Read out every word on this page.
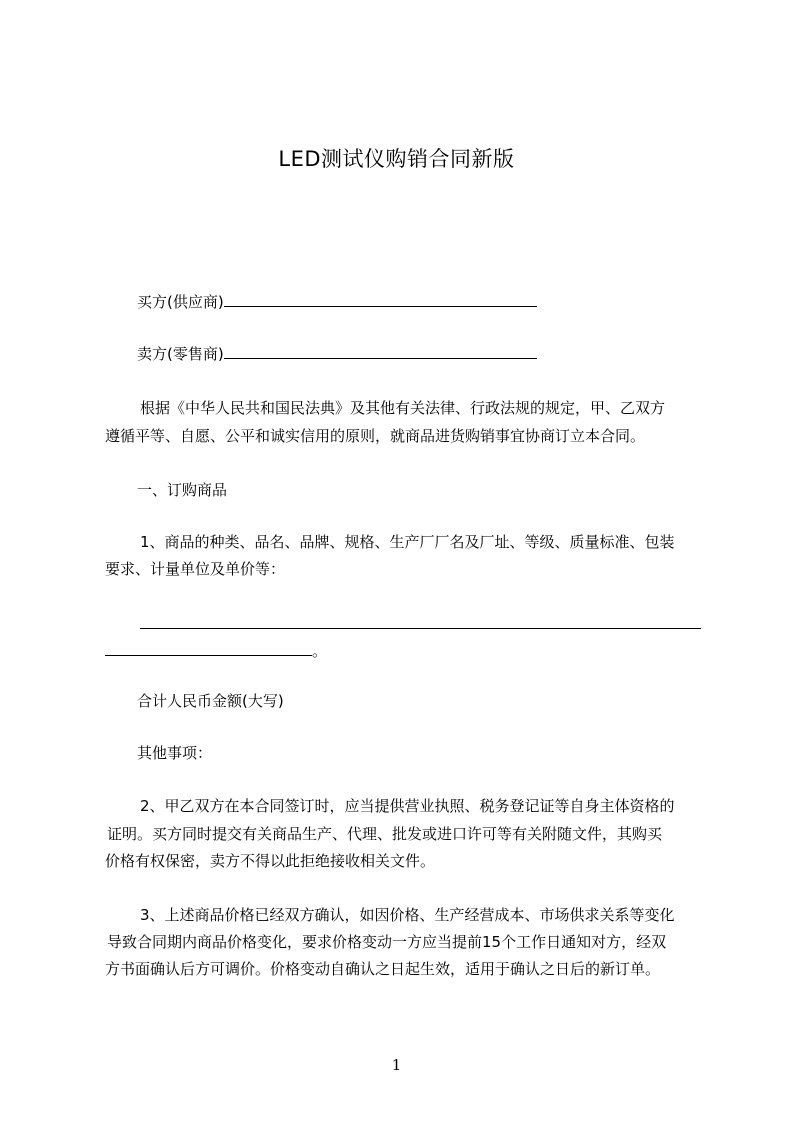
LED测试仪购销合同新版
买方(供应商)
卖方(零售商)
根据《中华人民共和国民法典》及其他有关法律、行政法规的规定，甲、乙双方
遵循平等、自愿、公平和诚实信用的原则，就商品进货购销事宜协商订立本合同。
一、订购商品
1、商品的种类、品名、品牌、规格、生产厂厂名及厂址、等级、质量标准、包装
要求、计量单位及单价等：
。
合计人民币金额(大写)
其他事项：
2、甲乙双方在本合同签订时，应当提供营业执照、税务登记证等自身主体资格的
证明。买方同时提交有关商品生产、代理、批发或进口许可等有关附随文件，其购买
价格有权保密，卖方不得以此拒绝接收相关文件。
3、上述商品价格已经双方确认，如因价格、生产经营成本、市场供求关系等变化
导致合同期内商品价格变化，要求价格变动一方应当提前15个工作日通知对方，经双
方书面确认后方可调价。价格变动自确认之日起生效，适用于确认之日后的新订单。
1
